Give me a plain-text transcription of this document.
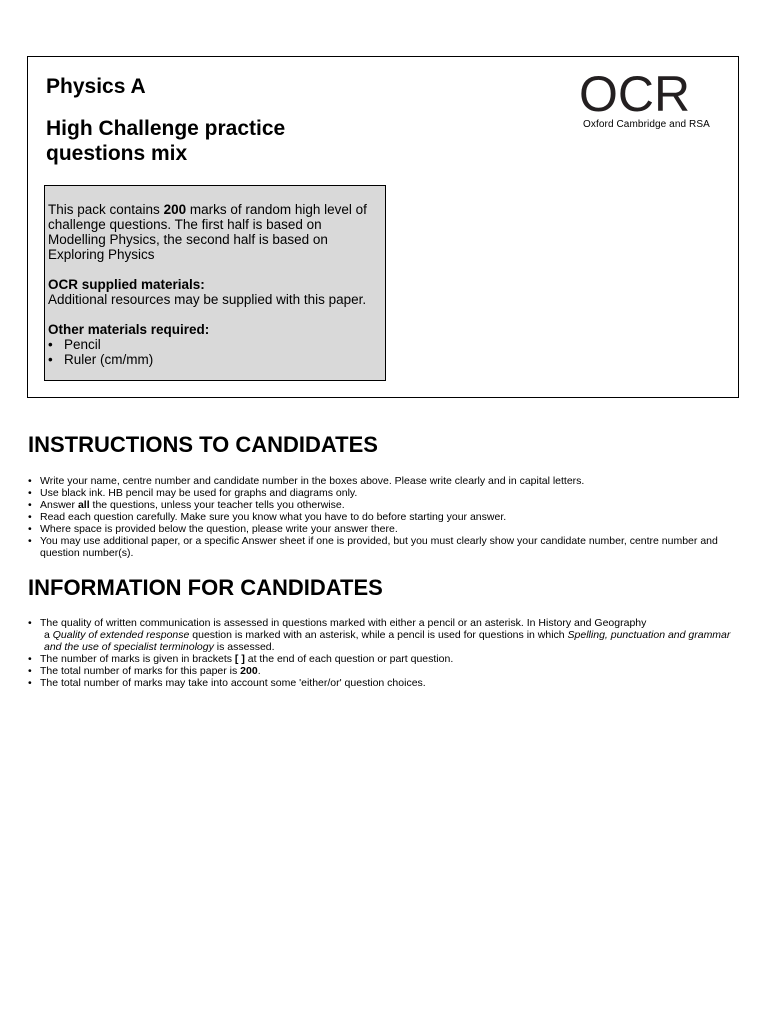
Physics A
High Challenge practice questions mix
OCR
Oxford Cambridge and RSA

This pack contains 200 marks of random high level of challenge questions. The first half is based on Modelling Physics, the second half is based on Exploring Physics

OCR supplied materials:

Additional resources may be supplied with this paper.

Other materials required:

• Pencil
• Ruler (cm/mm)
INSTRUCTIONS TO CANDIDATES
• Write your name, centre number and candidate number in the boxes above. Please write clearly and in capital letters.
• Use black ink. HB pencil may be used for graphs and diagrams only.
• Answer all the questions, unless your teacher tells you otherwise.
• Read each question carefully. Make sure you know what you have to do before starting your answer.
• Where space is provided below the question, please write your answer there.
• You may use additional paper, or a specific Answer sheet if one is provided, but you must clearly show your candidate number, centre number and question number(s).
INFORMATION FOR CANDIDATES
• The quality of written communication is assessed in questions marked with either a pencil or an asterisk. In History and Geography
a Quality of extended response question is marked with an asterisk, while a pencil is used for questions in which Spelling, punctuation and grammar and the use of specialist terminology is assessed.
• The number of marks is given in brackets [ ] at the end of each question or part question.
• The total number of marks for this paper is 200.
• The total number of marks may take into account some 'either/or' question choices.
